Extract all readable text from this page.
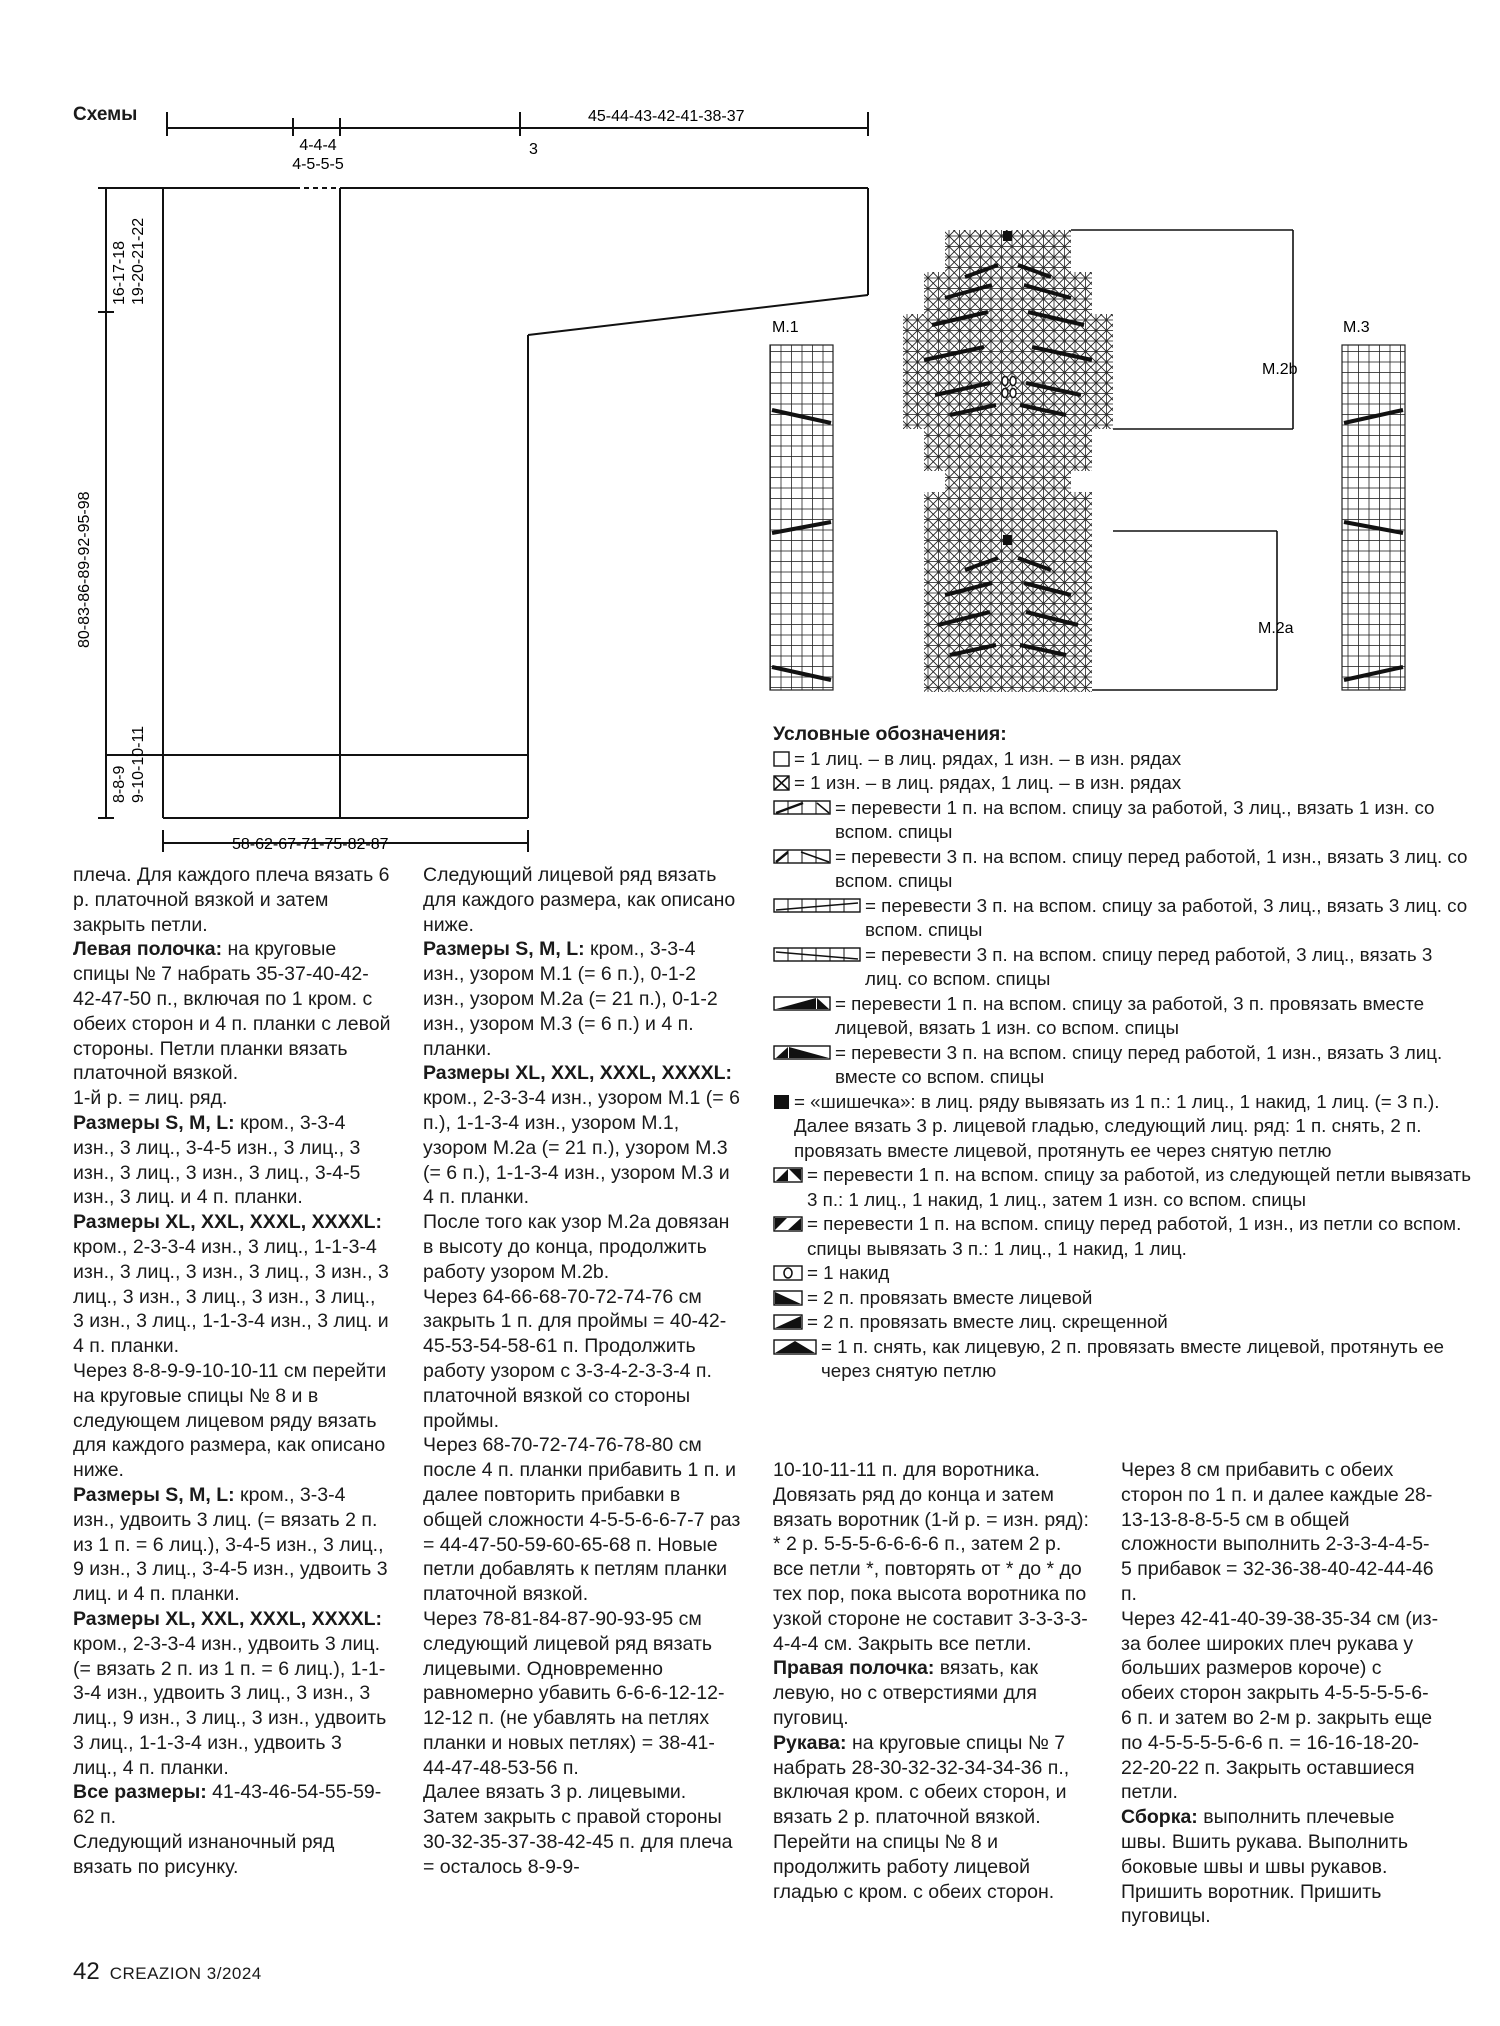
Схемы	45-44-43-42-41-38-37
3
4-4-4
4-5-5-5
58-62-67-71-75-82-87
16-17-18 19-20-21-22
80-83-86-89-92-95-98
8-8-9 9-10-10-11
M.1	M.3
M.2b
M.2a
Условные обозначения:
= 1 лиц. – в лиц. рядах, 1 изн. – в изн. рядах
= 1 изн. – в лиц. рядах, 1 лиц. – в изн. рядах
= перевести 1 п. на вспом. спицу за работой, 3 лиц., вязать 1 изн. со вспом. спицы
= перевести 3 п. на вспом. спицу перед работой, 1 изн., вязать 3 лиц. со вспом. спицы
= перевести 3 п. на вспом. спицу за работой, 3 лиц., вязать 3 лиц. со вспом. спицы
= перевести 3 п. на вспом. спицу перед работой, 3 лиц., вязать 3 лиц. со вспом. спицы
= перевести 1 п. на вспом. спицу за работой, 3 п. провязать вместе лицевой, вязать 1 изн. со вспом. спицы
= перевести 3 п. на вспом. спицу перед работой, 1 изн., вязать 3 лиц. вместе со вспом. спицы
= «шишечка»: в лиц. ряду вывязать из 1 п.: 1 лиц., 1 накид, 1 лиц. (= 3 п.). Далее вязать 3 р. лицевой гладью, следующий лиц. ряд: 1 п. снять, 2 п. провязать вместе лицевой, протянуть ее через снятую петлю
= перевести 1 п. на вспом. спицу за работой, из следующей петли вывязать 3 п.: 1 лиц., 1 накид, 1 лиц., затем 1 изн. со вспом. спицы
= перевести 1 п. на вспом. спицу перед работой, 1 изн., из петли со вспом. спицы вывязать 3 п.: 1 лиц., 1 накид, 1 лиц.
= 1 накид
= 2 п. провязать вместе лицевой
= 2 п. провязать вместе лиц. скрещенной
= 1 п. снять, как лицевую, 2 п. провязать вместе лицевой, протянуть ее через снятую петлю

плеча. Для каждого плеча вязать 6 р. платочной вязкой и затем закрыть петли.

Левая полочка: на круговые спицы № 7 набрать 35-37-40-42-42-47-50 п., включая по 1 кром. с обеих сторон и 4 п. планки с левой стороны. Петли планки вязать платочной вязкой.

1-й р. = лиц. ряд.

Размеры S, M, L: кром., 3-3-4 изн., 3 лиц., 3-4-5 изн., 3 лиц., 3 изн., 3 лиц., 3 изн., 3 лиц., 3-4-5 изн., 3 лиц. и 4 п. планки.

Размеры XL, XXL, XXXL, XXXXL: кром., 2-3-3-4 изн., 3 лиц., 1-1-3-4 изн., 3 лиц., 3 изн., 3 лиц., 3 изн., 3 лиц., 3 изн., 3 лиц., 3 изн., 3 лиц., 3 изн., 3 лиц., 1-1-3-4 изн., 3 лиц. и 4 п. планки.

Через 8-8-9-9-10-10-11 см перейти на круговые спицы № 8 и в следующем лицевом ряду вязать для каждого размера, как описано ниже.

Размеры S, M, L: кром., 3-3-4 изн., удвоить 3 лиц. (= вязать 2 п. из 1 п. = 6 лиц.), 3-4-5 изн., 3 лиц., 9 изн., 3 лиц., 3-4-5 изн., удвоить 3 лиц. и 4 п. планки.

Размеры XL, XXL, XXXL, XXXXL: кром., 2-3-3-4 изн., удвоить 3 лиц. (= вязать 2 п. из 1 п. = 6 лиц.), 1-1-3-4 изн., удвоить 3 лиц., 3 изн., 3 лиц., 9 изн., 3 лиц., 3 изн., удвоить 3 лиц., 1-1-3-4 изн., удвоить 3 лиц., 4 п. планки.

Все размеры: 41-43-46-54-55-59-62 п.

Следующий изнаночный ряд вязать по рисунку.

Следующий лицевой ряд вязать для каждого размера, как описано ниже.

Размеры S, M, L: кром., 3-3-4 изн., узором M.1 (= 6 п.), 0-1-2 изн., узором M.2a (= 21 п.), 0-1-2 изн., узором M.3 (= 6 п.) и 4 п. планки.

Размеры XL, XXL, XXXL, XXXXL: кром., 2-3-3-4 изн., узором M.1 (= 6 п.), 1-1-3-4 изн., узором M.1, узором M.2a (= 21 п.), узором M.3 (= 6 п.), 1-1-3-4 изн., узором M.3 и 4 п. планки.

После того как узор M.2a довязан в высоту до конца, продолжить работу узором M.2b.

Через 64-66-68-70-72-74-76 см закрыть 1 п. для проймы = 40-42-45-53-54-58-61 п. Продолжить работу узором с 3-3-4-2-3-3-4 п. платочной вязкой со стороны проймы.

Через 68-70-72-74-76-78-80 см после 4 п. планки прибавить 1 п. и далее повторить прибавки в общей сложности 4-5-5-6-6-7-7 раз = 44-47-50-59-60-65-68 п. Новые петли добавлять к петлям планки платочной вязкой.

Через 78-81-84-87-90-93-95 см следующий лицевой ряд вязать лицевыми. Одновременно равномерно убавить 6-6-6-12-12-12-12 п. (не убавлять на петлях планки и новых петлях) = 38-41-44-47-48-53-56 п.

Далее вязать 3 р. лицевыми. Затем закрыть с правой стороны 30-32-35-37-38-42-45 п. для плеча = осталось 8-9-9-

10-10-11-11 п. для воротника. Довязать ряд до конца и затем вязать воротник (1-й р. = изн. ряд): * 2 р. 5-5-5-6-6-6-6 п., затем 2 р. все петли *, повторять от * до * до тех пор, пока высота воротника по узкой стороне не составит 3-3-3-3-4-4-4 см. Закрыть все петли.

Правая полочка: вязать, как левую, но с отверстиями для пуговиц.

Рукава: на круговые спицы № 7 набрать 28-30-32-32-34-34-36 п., включая кром. с обеих сторон, и вязать 2 р. платочной вязкой.

Перейти на спицы № 8 и продолжить работу лицевой гладью с кром. с обеих сторон.

Через 8 см прибавить с обеих сторон по 1 п. и далее каждые 28-13-13-8-8-5-5 см в общей сложности выполнить 2-3-3-4-4-5-5 прибавок = 32-36-38-40-42-44-46 п.

Через 42-41-40-39-38-35-34 см (из-за более широких плеч рукава у больших размеров короче) с обеих сторон закрыть 4-5-5-5-5-6-6 п. и затем во 2-м р. закрыть еще по 4-5-5-5-5-6-6 п. = 16-16-18-20-22-20-22 п. Закрыть оставшиеся петли.

Сборка: выполнить плечевые швы. Вшить рукава. Выполнить боковые швы и швы рукавов. Пришить воротник. Пришить пуговицы.

42 CREAZION 3/2024
